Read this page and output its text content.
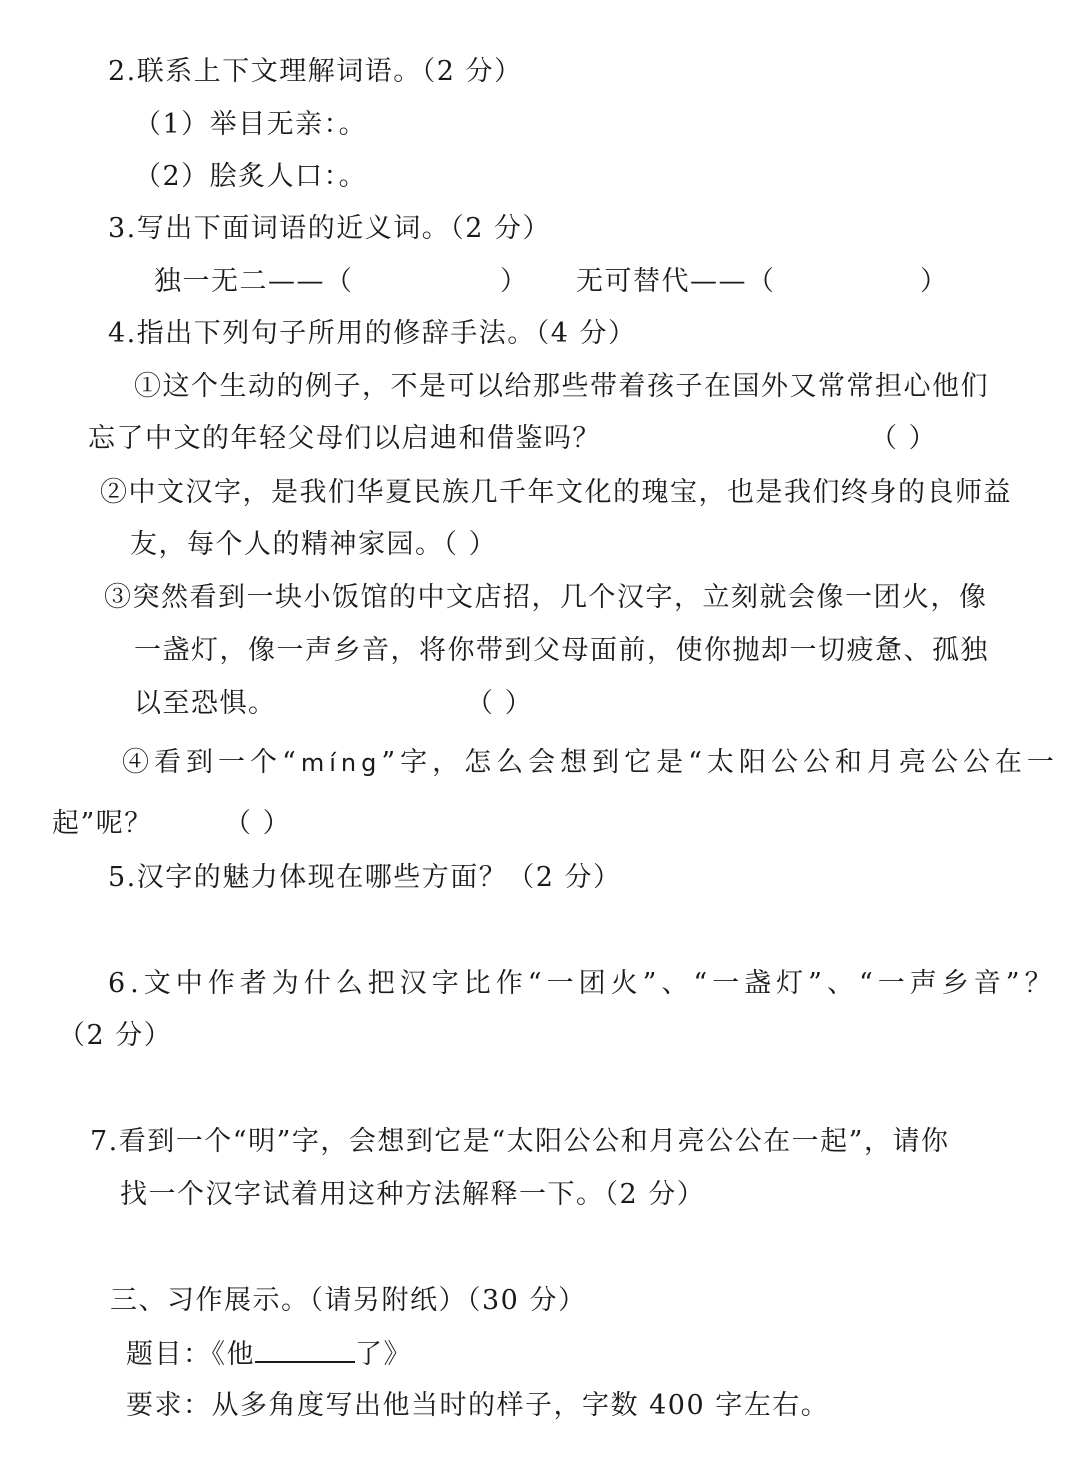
2.联系上下文理解词语。（2 分）
（1）举目无亲：。
（2）脍炙人口：。
3.写出下面词语的近义词。（2 分）
独一无二——（	） 无可替代——（	）
4.指出下列句子所用的修辞手法。（4 分）
①这个生动的例子，不是可以给那些带着孩子在国外又常常担心他们
忘了中文的年轻父母们以启迪和借鉴吗？	（ ）
②中文汉字，是我们华夏民族几千年文化的瑰宝，也是我们终身的良师益
友，每个人的精神家园。（ ）
③突然看到一块小饭馆的中文店招，几个汉字，立刻就会像一团火，像
一盏灯，像一声乡音，将你带到父母面前，使你抛却一切疲惫、孤独
以至恐惧。	（ ）
④看到一个“míng”字，怎么会想到它是“太阳公公和月亮公公在一
起”呢？	（ ）
5.汉字的魅力体现在哪些方面？（2 分）
6.文中作者为什么把汉字比作“一团火”、“一盏灯”、“一声乡音”？
（2 分）
7.看到一个“明”字，会想到它是“太阳公公和月亮公公在一起”，请你
找一个汉字试着用这种方法解释一下。（2 分）
三、习作展示。（请另附纸）（30 分）
题目：《他	了》
要求：从多角度写出他当时的样子，字数 400 字左右。
